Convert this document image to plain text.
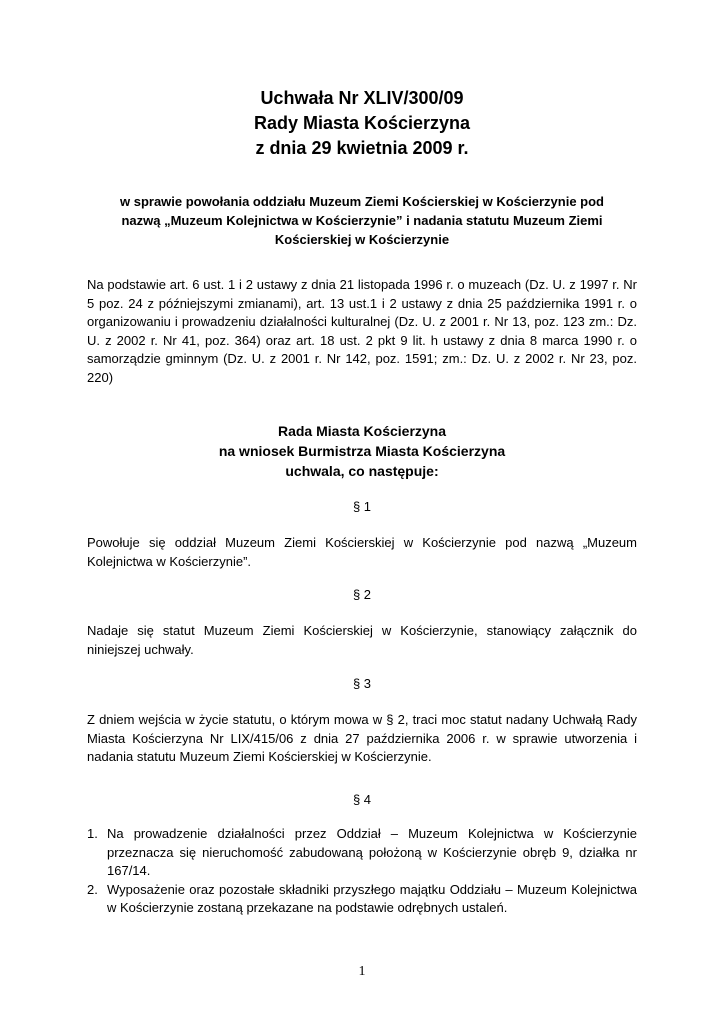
Uchwała Nr XLIV/300/09
Rady Miasta Kościerzyna
z dnia 29 kwietnia 2009 r.

w sprawie powołania oddziału Muzeum Ziemi Kościerskiej w Kościerzynie pod nazwą „Muzeum Kolejnictwa w Kościerzynie” i nadania statutu Muzeum Ziemi Kościerskiej w Kościerzynie

Na podstawie art. 6 ust. 1 i 2 ustawy z dnia 21 listopada 1996 r. o muzeach (Dz. U. z 1997 r. Nr 5 poz. 24 z późniejszymi zmianami), art. 13 ust.1 i 2 ustawy z dnia 25 października 1991 r. o organizowaniu i prowadzeniu działalności kulturalnej (Dz. U. z 2001 r. Nr 13, poz. 123 zm.: Dz. U. z 2002 r. Nr 41, poz. 364) oraz art. 18 ust. 2 pkt 9 lit. h ustawy z dnia 8 marca 1990 r. o samorządzie gminnym (Dz. U. z 2001 r. Nr 142, poz. 1591; zm.: Dz. U. z 2002 r. Nr 23, poz. 220)

Rada Miasta Kościerzyna
na wniosek Burmistrza Miasta Kościerzyna
uchwala, co następuje:
§ 1

Powołuje się oddział Muzeum Ziemi Kościerskiej w Kościerzynie pod nazwą „Muzeum Kolejnictwa w Kościerzynie”.

§ 2

Nadaje się statut Muzeum Ziemi Kościerskiej w Kościerzynie, stanowiący załącznik do niniejszej uchwały.

§ 3

Z dniem wejścia w życie statutu, o którym mowa w § 2, traci moc statut nadany Uchwałą Rady Miasta Kościerzyna Nr LIX/415/06 z dnia 27 października 2006 r. w sprawie utworzenia i nadania statutu Muzeum Ziemi Kościerskiej w Kościerzynie.

§ 4
1. Na prowadzenie działalności przez Oddział – Muzeum Kolejnictwa w Kościerzynie przeznacza się nieruchomość zabudowaną położoną w Kościerzynie obręb 9, działka nr 167/14.
2. Wyposażenie oraz pozostałe składniki przyszłego majątku Oddziału – Muzeum Kolejnictwa w Kościerzynie zostaną przekazane na podstawie odrębnych ustaleń.
1
